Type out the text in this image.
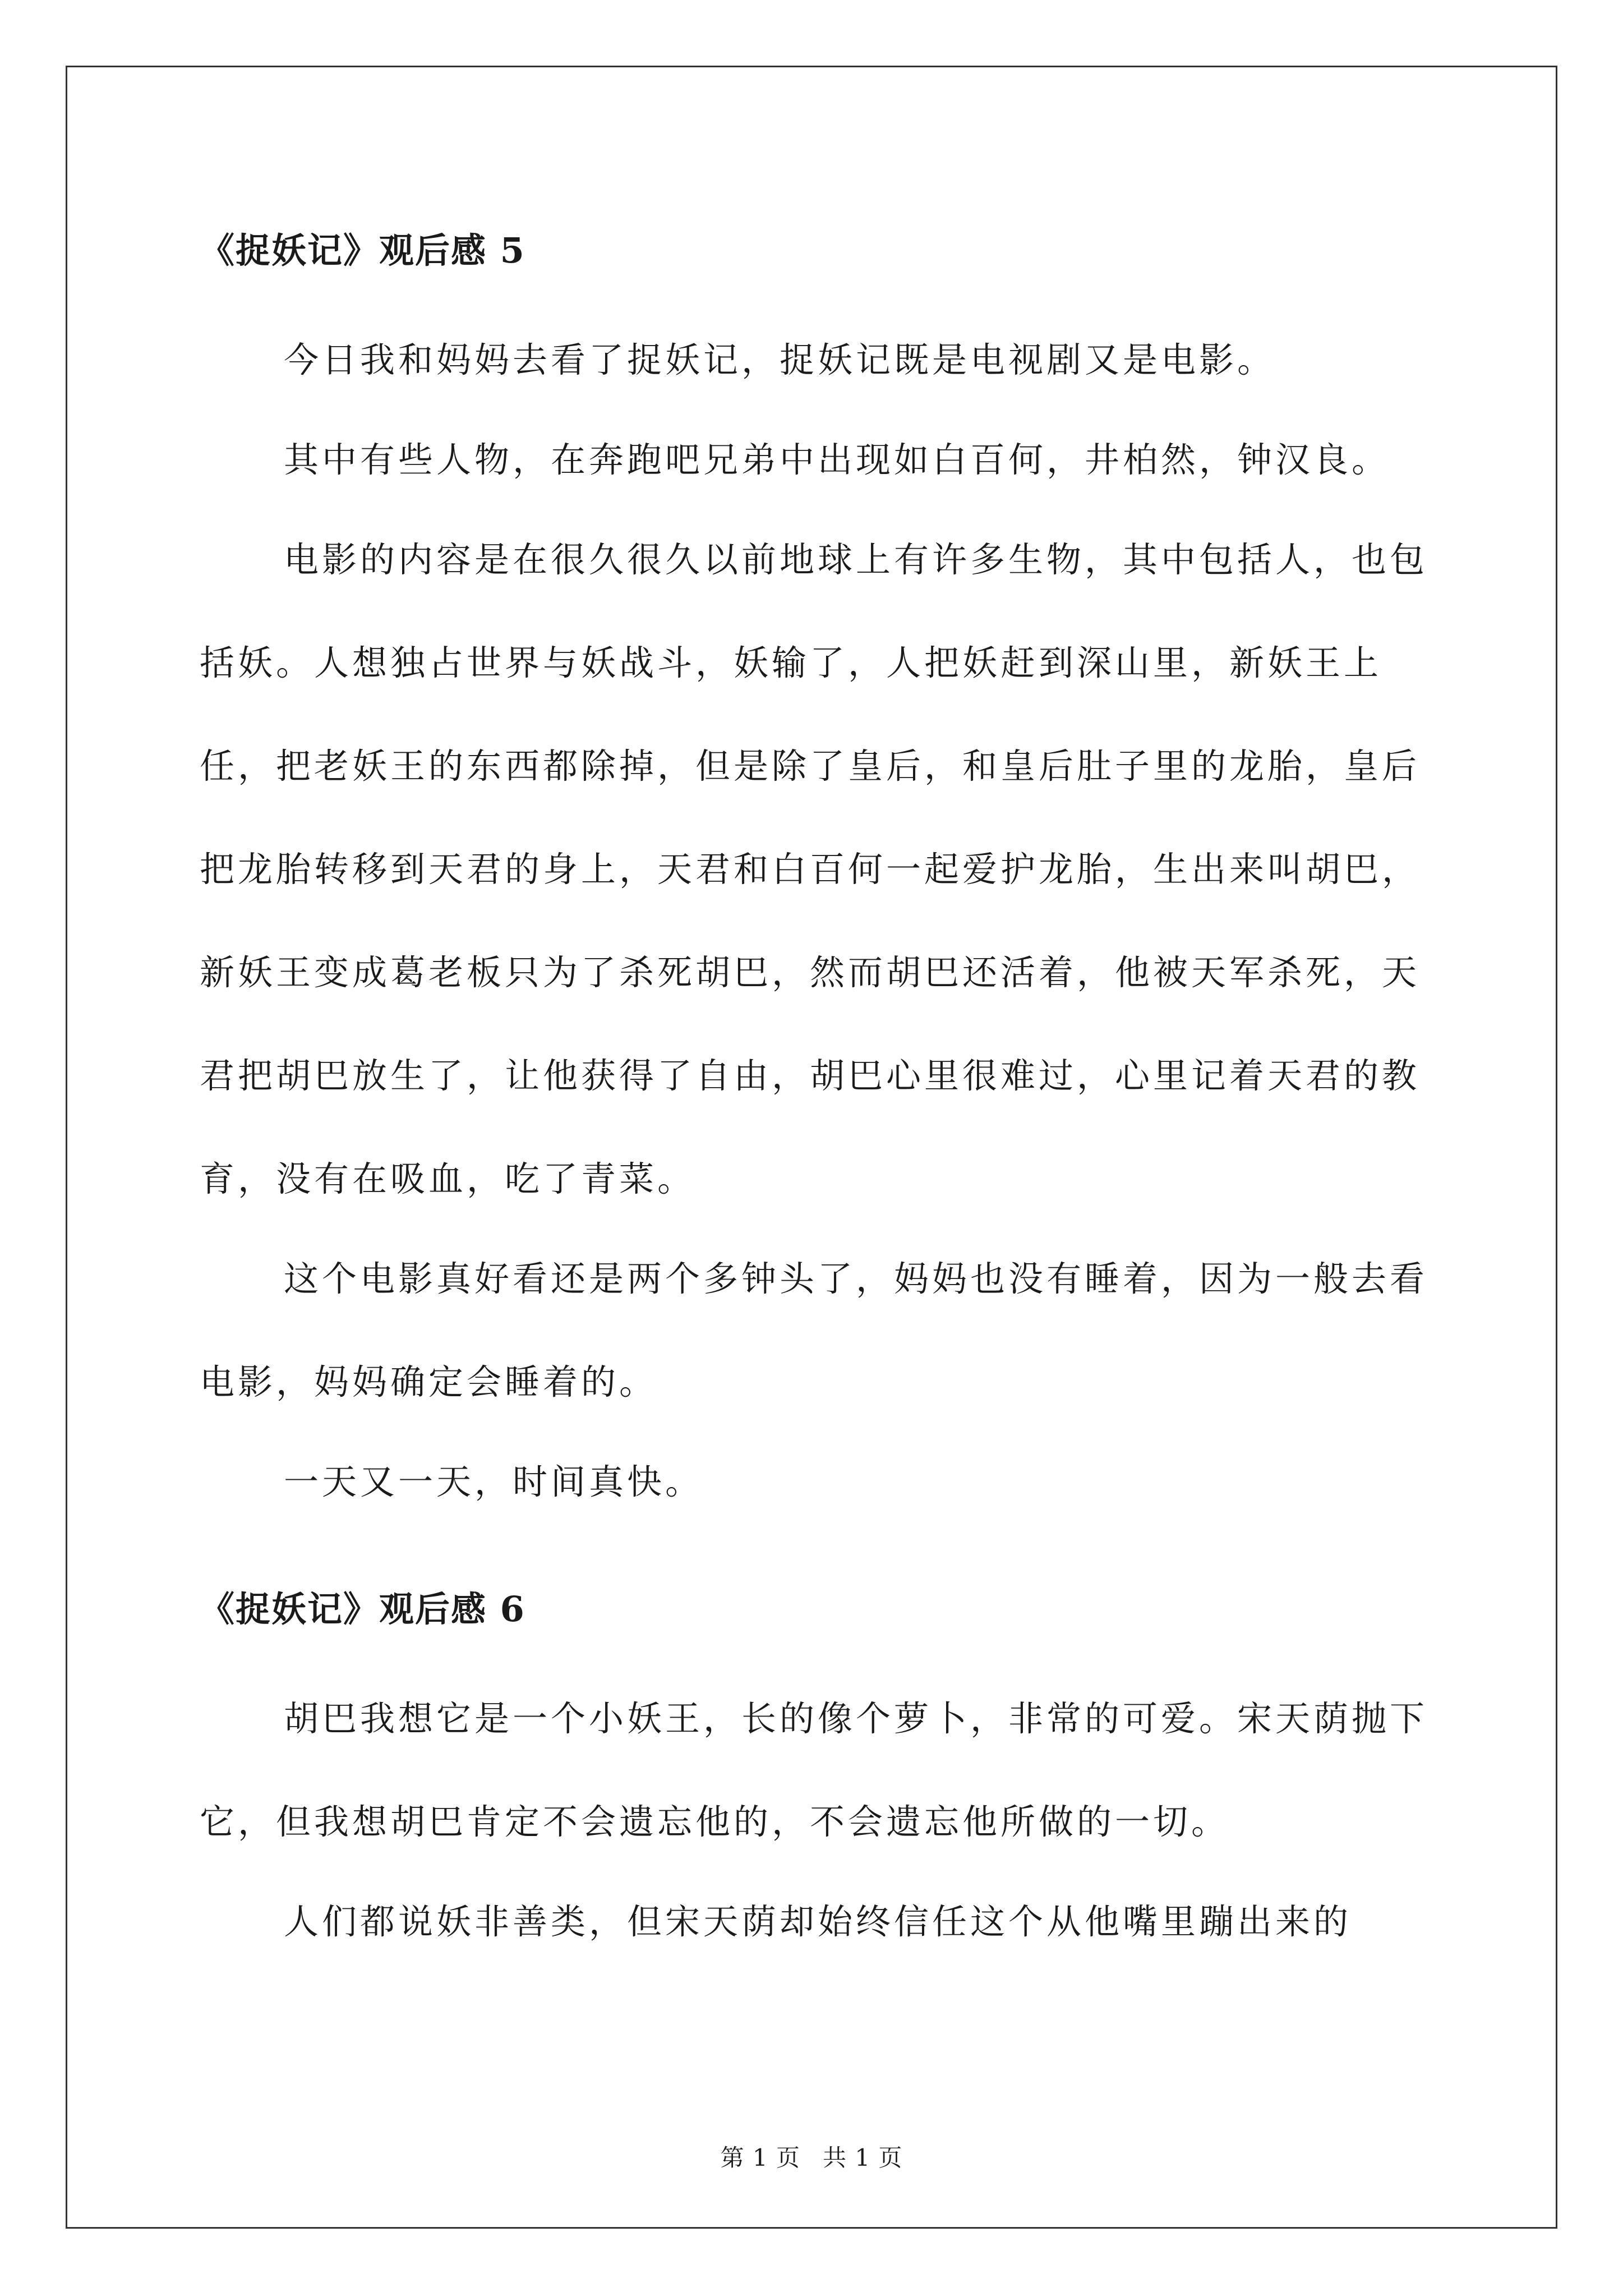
《捉妖记》观后感 5

今日我和妈妈去看了捉妖记，捉妖记既是电视剧又是电影。

其中有些人物，在奔跑吧兄弟中出现如白百何，井柏然，钟汉良。

电影的内容是在很久很久以前地球上有许多生物，其中包括人，也包括妖。人想独占世界与妖战斗，妖输了，人把妖赶到深山里，新妖王上任，把老妖王的东西都除掉，但是除了皇后，和皇后肚子里的龙胎，皇后把龙胎转移到天君的身上，天君和白百何一起爱护龙胎，生出来叫胡巴，新妖王变成葛老板只为了杀死胡巴，然而胡巴还活着，他被天军杀死，天君把胡巴放生了，让他获得了自由，胡巴心里很难过，心里记着天君的教育，没有在吸血，吃了青菜。

这个电影真好看还是两个多钟头了，妈妈也没有睡着，因为一般去看电影，妈妈确定会睡着的。

一天又一天，时间真快。

《捉妖记》观后感 6

胡巴我想它是一个小妖王，长的像个萝卜，非常的可爱。宋天荫抛下它，但我想胡巴肯定不会遗忘他的，不会遗忘他所做的一切。

人们都说妖非善类，但宋天荫却始终信任这个从他嘴里蹦出来的

第 1 页 共 1 页
